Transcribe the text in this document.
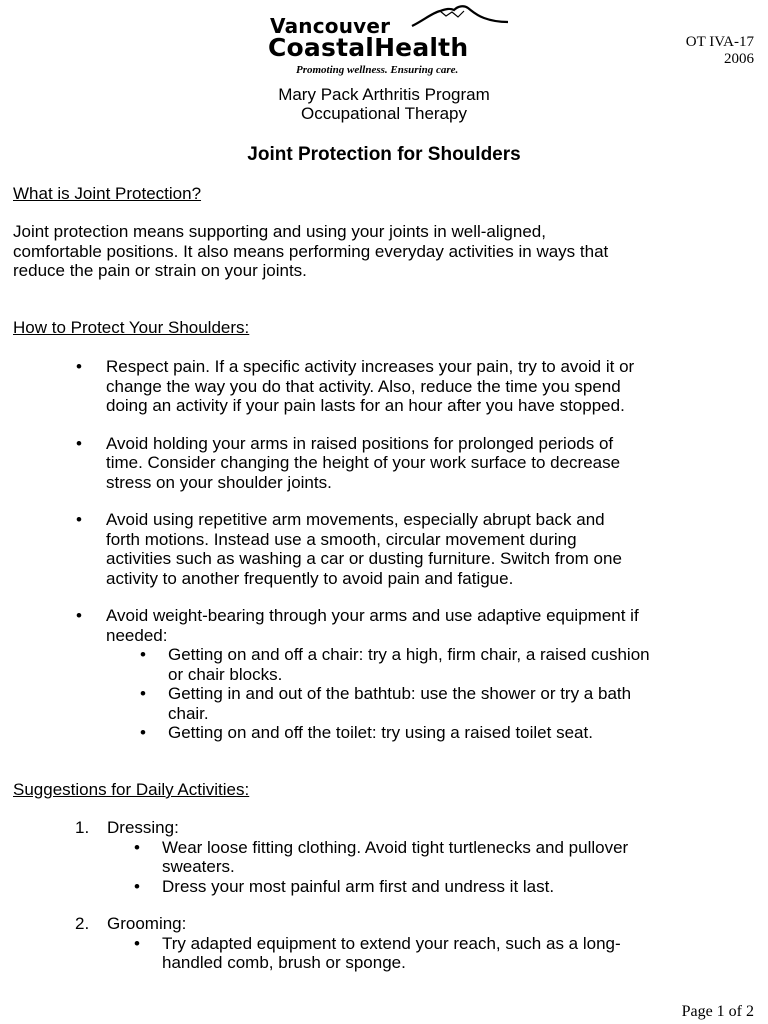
Vancouver
CoastalHealth
Promoting wellness. Ensuring care.
OT IVA-17
2006
Mary Pack Arthritis Program
Occupational Therapy
Joint Protection for Shoulders
What is Joint Protection?
Joint protection means supporting and using your joints in well-aligned,
comfortable positions. It also means performing everyday activities in ways that
reduce the pain or strain on your joints.
How to Protect Your Shoulders:
• Respect pain. If a specific activity increases your pain, try to avoid it or
change the way you do that activity. Also, reduce the time you spend
doing an activity if your pain lasts for an hour after you have stopped.
• Avoid holding your arms in raised positions for prolonged periods of
time. Consider changing the height of your work surface to decrease
stress on your shoulder joints.
• Avoid using repetitive arm movements, especially abrupt back and
forth motions. Instead use a smooth, circular movement during
activities such as washing a car or dusting furniture. Switch from one
activity to another frequently to avoid pain and fatigue.
• Avoid weight-bearing through your arms and use adaptive equipment if
needed:
• Getting on and off a chair: try a high, firm chair, a raised cushion
or chair blocks.
• Getting in and out of the bathtub: use the shower or try a bath
chair.
• Getting on and off the toilet: try using a raised toilet seat.
Suggestions for Daily Activities:
1. Dressing:
• Wear loose fitting clothing. Avoid tight turtlenecks and pullover
sweaters.
• Dress your most painful arm first and undress it last.
2. Grooming:
• Try adapted equipment to extend your reach, such as a long-
handled comb, brush or sponge.
Page 1 of 2
